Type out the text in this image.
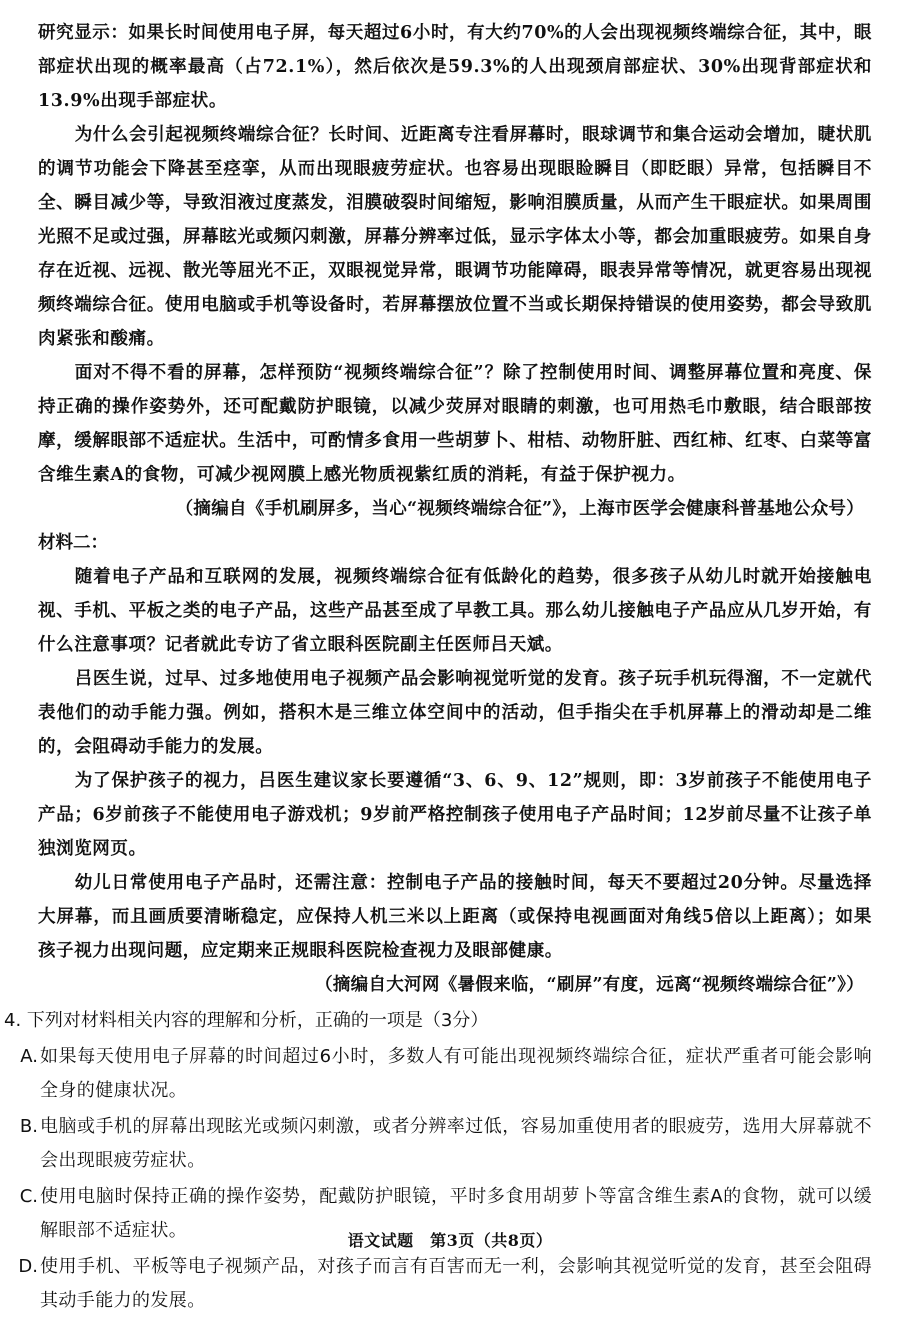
研究显示：如果长时间使用电子屏，每天超过6小时，有大约70%的人会出现视频终端综合征，其中，眼部症状出现的概率最高（占72.1%），然后依次是59.3%的人出现颈肩部症状、30%出现背部症状和13.9%出现手部症状。

为什么会引起视频终端综合征？长时间、近距离专注看屏幕时，眼球调节和集合运动会增加，睫状肌的调节功能会下降甚至痉挛，从而出现眼疲劳症状。也容易出现眼睑瞬目（即眨眼）异常，包括瞬目不全、瞬目减少等，导致泪液过度蒸发，泪膜破裂时间缩短，影响泪膜质量，从而产生干眼症状。如果周围光照不足或过强，屏幕眩光或频闪刺激，屏幕分辨率过低，显示字体太小等，都会加重眼疲劳。如果自身存在近视、远视、散光等屈光不正，双眼视觉异常，眼调节功能障碍，眼表异常等情况，就更容易出现视频终端综合征。使用电脑或手机等设备时，若屏幕摆放位置不当或长期保持错误的使用姿势，都会导致肌肉紧张和酸痛。

面对不得不看的屏幕，怎样预防“视频终端综合征”？除了控制使用时间、调整屏幕位置和亮度、保持正确的操作姿势外，还可配戴防护眼镜，以减少荧屏对眼睛的刺激，也可用热毛巾敷眼，结合眼部按摩，缓解眼部不适症状。生活中，可酌情多食用一些胡萝卜、柑桔、动物肝脏、西红柿、红枣、白菜等富含维生素A的食物，可减少视网膜上感光物质视紫红质的消耗，有益于保护视力。

（摘编自《手机刷屏多，当心“视频终端综合征”》，上海市医学会健康科普基地公众号）

材料二：

随着电子产品和互联网的发展，视频终端综合征有低龄化的趋势，很多孩子从幼儿时就开始接触电视、手机、平板之类的电子产品，这些产品甚至成了早教工具。那么幼儿接触电子产品应从几岁开始，有什么注意事项？记者就此专访了省立眼科医院副主任医师吕天斌。

吕医生说，过早、过多地使用电子视频产品会影响视觉听觉的发育。孩子玩手机玩得溜，不一定就代表他们的动手能力强。例如，搭积木是三维立体空间中的活动，但手指尖在手机屏幕上的滑动却是二维的，会阻碍动手能力的发展。

为了保护孩子的视力，吕医生建议家长要遵循“3、6、9、12”规则，即：3岁前孩子不能使用电子产品；6岁前孩子不能使用电子游戏机；9岁前严格控制孩子使用电子产品时间；12岁前尽量不让孩子单独浏览网页。

幼儿日常使用电子产品时，还需注意：控制电子产品的接触时间，每天不要超过20分钟。尽量选择大屏幕，而且画质要清晰稳定，应保持人机三米以上距离（或保持电视画面对角线5倍以上距离）；如果孩子视力出现问题，应定期来正规眼科医院检查视力及眼部健康。

（摘编自大河网《暑假来临，“刷屏”有度，远离“视频终端综合征”》）

4. 下列对材料相关内容的理解和分析，正确的一项是（3分）

A. 如果每天使用电子屏幕的时间超过6小时，多数人有可能出现视频终端综合征，症状严重者可能会影响全身的健康状况。
B. 电脑或手机的屏幕出现眩光或频闪刺激，或者分辨率过低，容易加重使用者的眼疲劳，选用大屏幕就不会出现眼疲劳症状。
C. 使用电脑时保持正确的操作姿势，配戴防护眼镜，平时多食用胡萝卜等富含维生素A的食物，就可以缓解眼部不适症状。
D. 使用手机、平板等电子视频产品，对孩子而言有百害而无一利，会影响其视觉听觉的发育，甚至会阻碍其动手能力的发展。
语文试题　第3页（共8页）
